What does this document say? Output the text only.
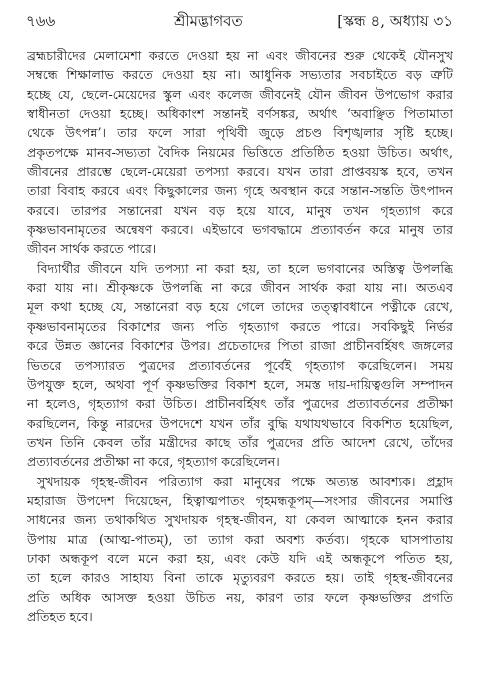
৭৬৬	শ্রীমদ্ভাগবত	[স্কন্ধ ৪, অধ্যায় ৩১

ব্রহ্মচারীদের মেলামেশা করতে দেওয়া হয় না এবং জীবনের শুরু থেকেই যৌনসুখ
সম্বন্ধে শিক্ষালাভ করতে দেওয়া হয় না। আধুনিক সভ্যতার সবচাইতে বড় ত্রুটি
হচ্ছে যে, ছেলে-মেয়েদের স্কুল এবং কলেজ জীবনেই যৌন জীবন উপভোগ করার
স্বাধীনতা দেওয়া হচ্ছে। অধিকাংশ সন্তানই বর্ণসঙ্কর, অর্থাৎ ‘অবাঞ্ছিত পিতামাতা
থেকে উৎপন্ন’। তার ফলে সারা পৃথিবী জুড়ে প্রচণ্ড বিশৃঙ্খলার সৃষ্টি হচ্ছে।
প্রকৃতপক্ষে মানব-সভ্যতা বৈদিক নিয়মের ভিত্তিতে প্রতিষ্ঠিত হওয়া উচিত। অর্থাৎ,
জীবনের প্রারম্ভে ছেলে-মেয়েরা তপস্যা করবে। যখন তারা প্রাপ্তবয়স্ক হবে, তখন
তারা বিবাহ করবে এবং কিছুকালের জন্য গৃহে অবস্থান করে সন্তান-সন্ততি উৎপাদন
করবে। তারপর সন্তানেরা যখন বড় হয়ে যাবে, মানুষ তখন গৃহত্যাগ করে
কৃষ্ণভাবনামৃতের অন্বেষণ করবে। এইভাবে ভগবদ্ধামে প্রত্যাবর্তন করে মানুষ তার
জীবন সার্থক করতে পারে।

বিদ্যার্থীর জীবনে যদি তপস্যা না করা হয়, তা হলে ভগবানের অস্তিত্ব উপলব্ধি
করা যায় না। শ্রীকৃষ্ণকে উপলব্ধি না করে জীবন সার্থক করা যায় না। অতএব
মূল কথা হচ্ছে যে, সন্তানেরা বড় হয়ে গেলে তাদের তত্ত্বাবধানে পত্নীকে রেখে,
কৃষ্ণভাবনামৃতের বিকাশের জন্য পতি গৃহত্যাগ করতে পারে। সবকিছুই নির্ভর
করে উন্নত জ্ঞানের বিকাশের উপর। প্রচেতাদের পিতা রাজা প্রাচীনবর্হিষৎ জঙ্গলের
ভিতরে তপস্যারত পুত্রদের প্রত্যাবর্তনের পূর্বেই গৃহত্যাগ করেছিলেন। সময়
উপযুক্ত হলে, অথবা পূর্ণ কৃষ্ণভক্তির বিকাশ হলে, সমস্ত দায়-দায়িত্বগুলি সম্পাদন
না হলেও, গৃহত্যাগ করা উচিত। প্রাচীনবর্হিষৎ তাঁর পুত্রদের প্রত্যাবর্তনের প্রতীক্ষা
করছিলেন, কিন্তু নারদের উপদেশে যখন তাঁর বুদ্ধি যথাযথভাবে বিকশিত হয়েছিল,
তখন তিনি কেবল তাঁর মন্ত্রীদের কাছে তাঁর পুত্রদের প্রতি আদেশ রেখে, তাঁদের
প্রত্যাবর্তনের প্রতীক্ষা না করে, গৃহত্যাগ করেছিলেন।

সুখদায়ক গৃহস্থ-জীবন পরিত্যাগ করা মানুষের পক্ষে অত্যন্ত আবশ্যক। প্রহ্লাদ
মহারাজ উপদেশ দিয়েছেন, হিত্বাত্মপাতং গৃহমন্ধকূপম্—সংসার জীবনের সমাপ্তি
সাধনের জন্য তথাকথিত সুখদায়ক গৃহস্থ-জীবন, যা কেবল আত্মাকে হনন করার
উপায় মাত্র (আত্ম-পাতম্), তা ত্যাগ করা অবশ্য কর্তব্য। গৃহকে ঘাসপাতায়
ঢাকা অন্ধকূপ বলে মনে করা হয়, এবং কেউ যদি এই অন্ধকূপে পতিত হয়,
তা হলে কারও সাহায্য বিনা তাকে মৃত্যুবরণ করতে হয়। তাই গৃহস্থ-জীবনের
প্রতি অধিক আসক্ত হওয়া উচিত নয়, কারণ তার ফলে কৃষ্ণভক্তির প্রগতি
প্রতিহত হবে।
